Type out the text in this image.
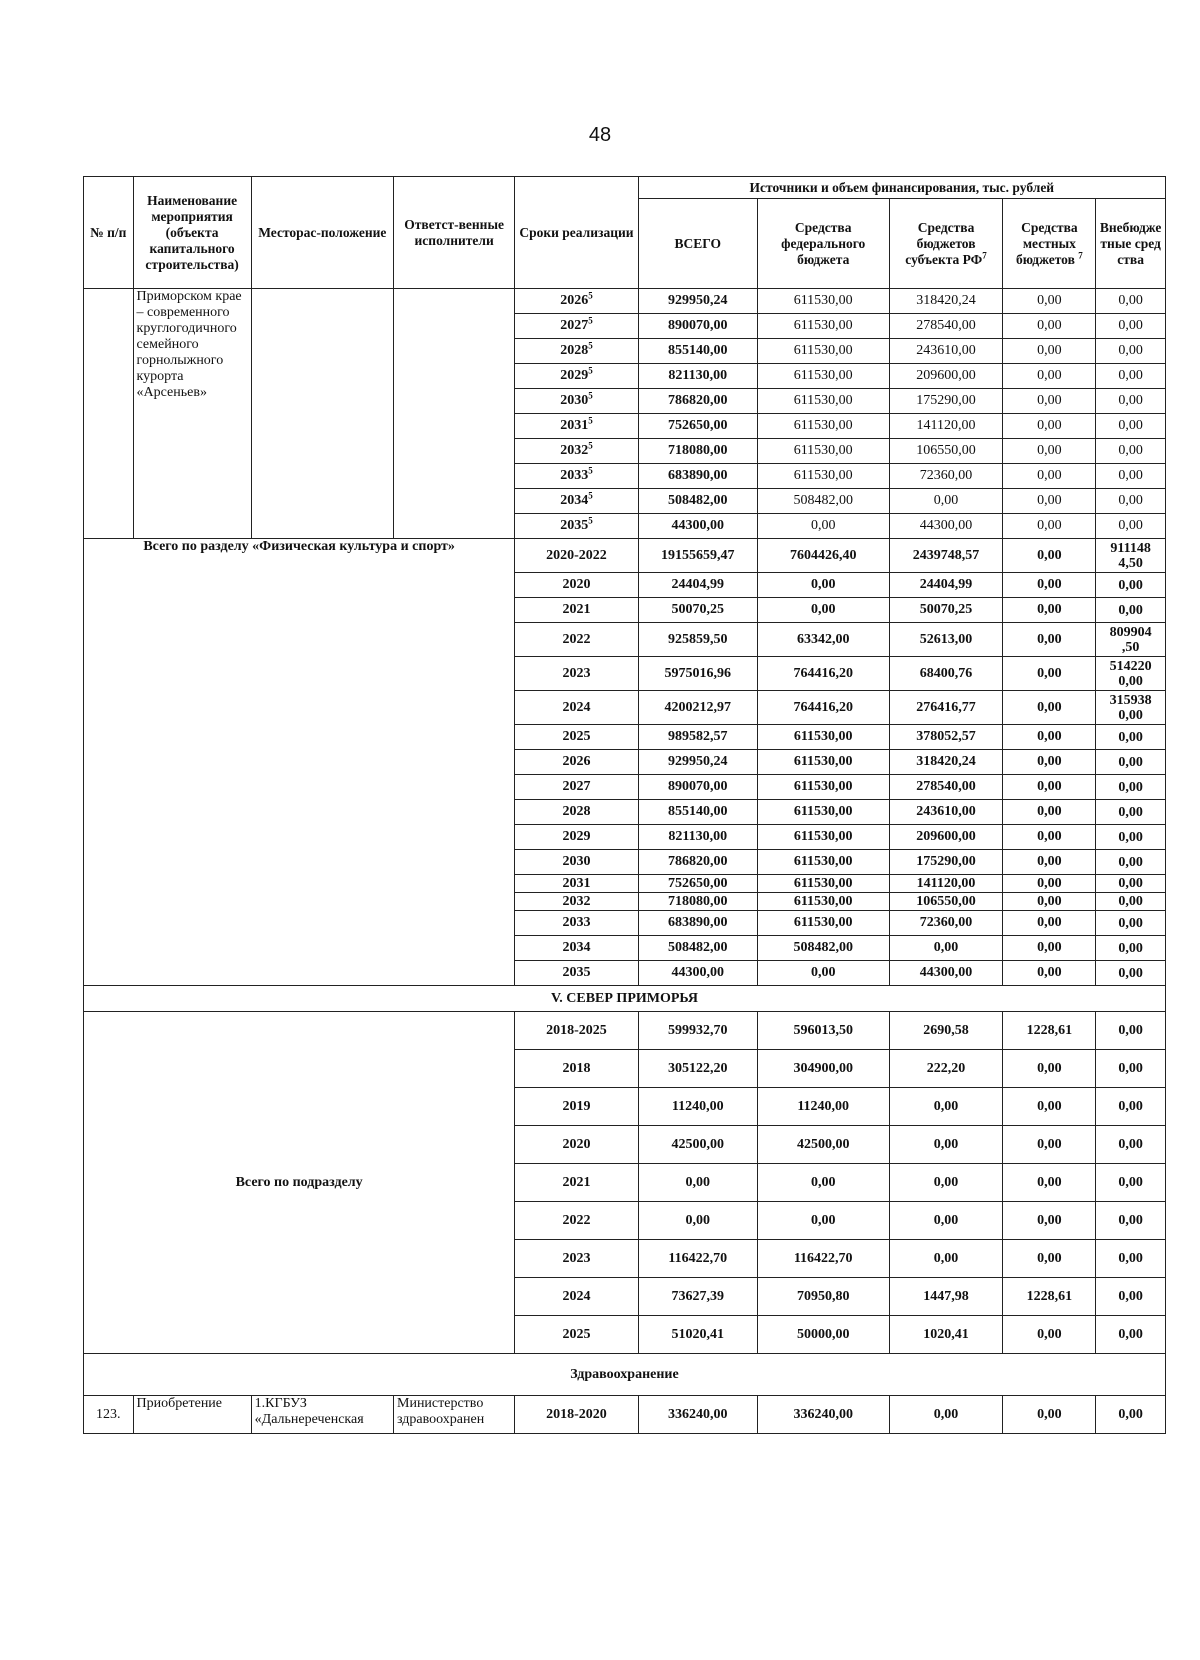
48
№ п/п	Наименование мероприятия (объекта капитального строительства)	Месторас-положение	Ответст-венные исполнители	Сроки реализации	Источники и объем финансирования, тыс. рублей				
					ВСЕГО	Средства федерального бюджета	Средства бюджетов субъекта $РФ^7$	Средства местных бюджетов $^7$	Внебюджетные средства
	Приморском крае – современного круглогодичного семейного горнолыжного курорта «Арсеньев»			2026$^5$	929950,24	611530,00	318420,24	0,00	0,00
				2027$^5$	890070,00	611530,00	278540,00	0,00	0,00
				2028$^5$	855140,00	611530,00	243610,00	0,00	0,00
				2029$^5$	821130,00	611530,00	209600,00	0,00	0,00
				2030$^5$	786820,00	611530,00	175290,00	0,00	0,00
				2031$^5$	752650,00	611530,00	141120,00	0,00	0,00
				2032$^5$	718080,00	611530,00	106550,00	0,00	0,00
				2033$^5$	683890,00	611530,00	72360,00	0,00	0,00
				2034$^5$	508482,00	508482,00	0,00	0,00	0,00
				2035$^5$	44300,00	0,00	44300,00	0,00	0,00
Всего по разделу «Физическая культура и спорт»				2020-2022	19155659,47	7604426,40	2439748,57	0,00	911148 4,50
				2020	24404,99	0,00	24404,99	0,00	0,00
				2021	50070,25	0,00	50070,25	0,00	0,00
				2022	925859,50	63342,00	52613,00	0,00	809904 ,50
				2023	5975016,96	764416,20	68400,76	0,00	514220 0,00
				2024	4200212,97	764416,20	276416,77	0,00	315938 0,00
				2025	989582,57	611530,00	378052,57	0,00	0,00
				2026	929950,24	611530,00	318420,24	0,00	0,00
				2027	890070,00	611530,00	278540,00	0,00	0,00
				2028	855140,00	611530,00	243610,00	0,00	0,00
				2029	821130,00	611530,00	209600,00	0,00	0,00
				2030	786820,00	611530,00	175290,00	0,00	0,00
				2031	752650,00	611530,00	141120,00	0,00	0,00
				2032	718080,00	611530,00	106550,00	0,00	0,00
				2033	683890,00	611530,00	72360,00	0,00	0,00
				2034	508482,00	508482,00	0,00	0,00	0,00
				2035	44300,00	0,00	44300,00	0,00	0,00
V. СЕВЕР ПРИМОРЬЯ									
Всего по подразделу				2018-2025	599932,70	596013,50	2690,58	1228,61	0,00
				2018	305122,20	304900,00	222,20	0,00	0,00
				2019	11240,00	11240,00	0,00	0,00	0,00
				2020	42500,00	42500,00	0,00	0,00	0,00
				2021	0,00	0,00	0,00	0,00	0,00
				2022	0,00	0,00	0,00	0,00	0,00
				2023	116422,70	116422,70	0,00	0,00	0,00
				2024	73627,39	70950,80	1447,98	1228,61	0,00
				2025	51020,41	50000,00	1020,41	0,00	0,00
Здравоохранение									
123.	Приобретение	1.КГБУЗ «Дальнереченская	Министерство здравоохранен	2018-2020	336240,00	336240,00	0,00	0,00	0,00
